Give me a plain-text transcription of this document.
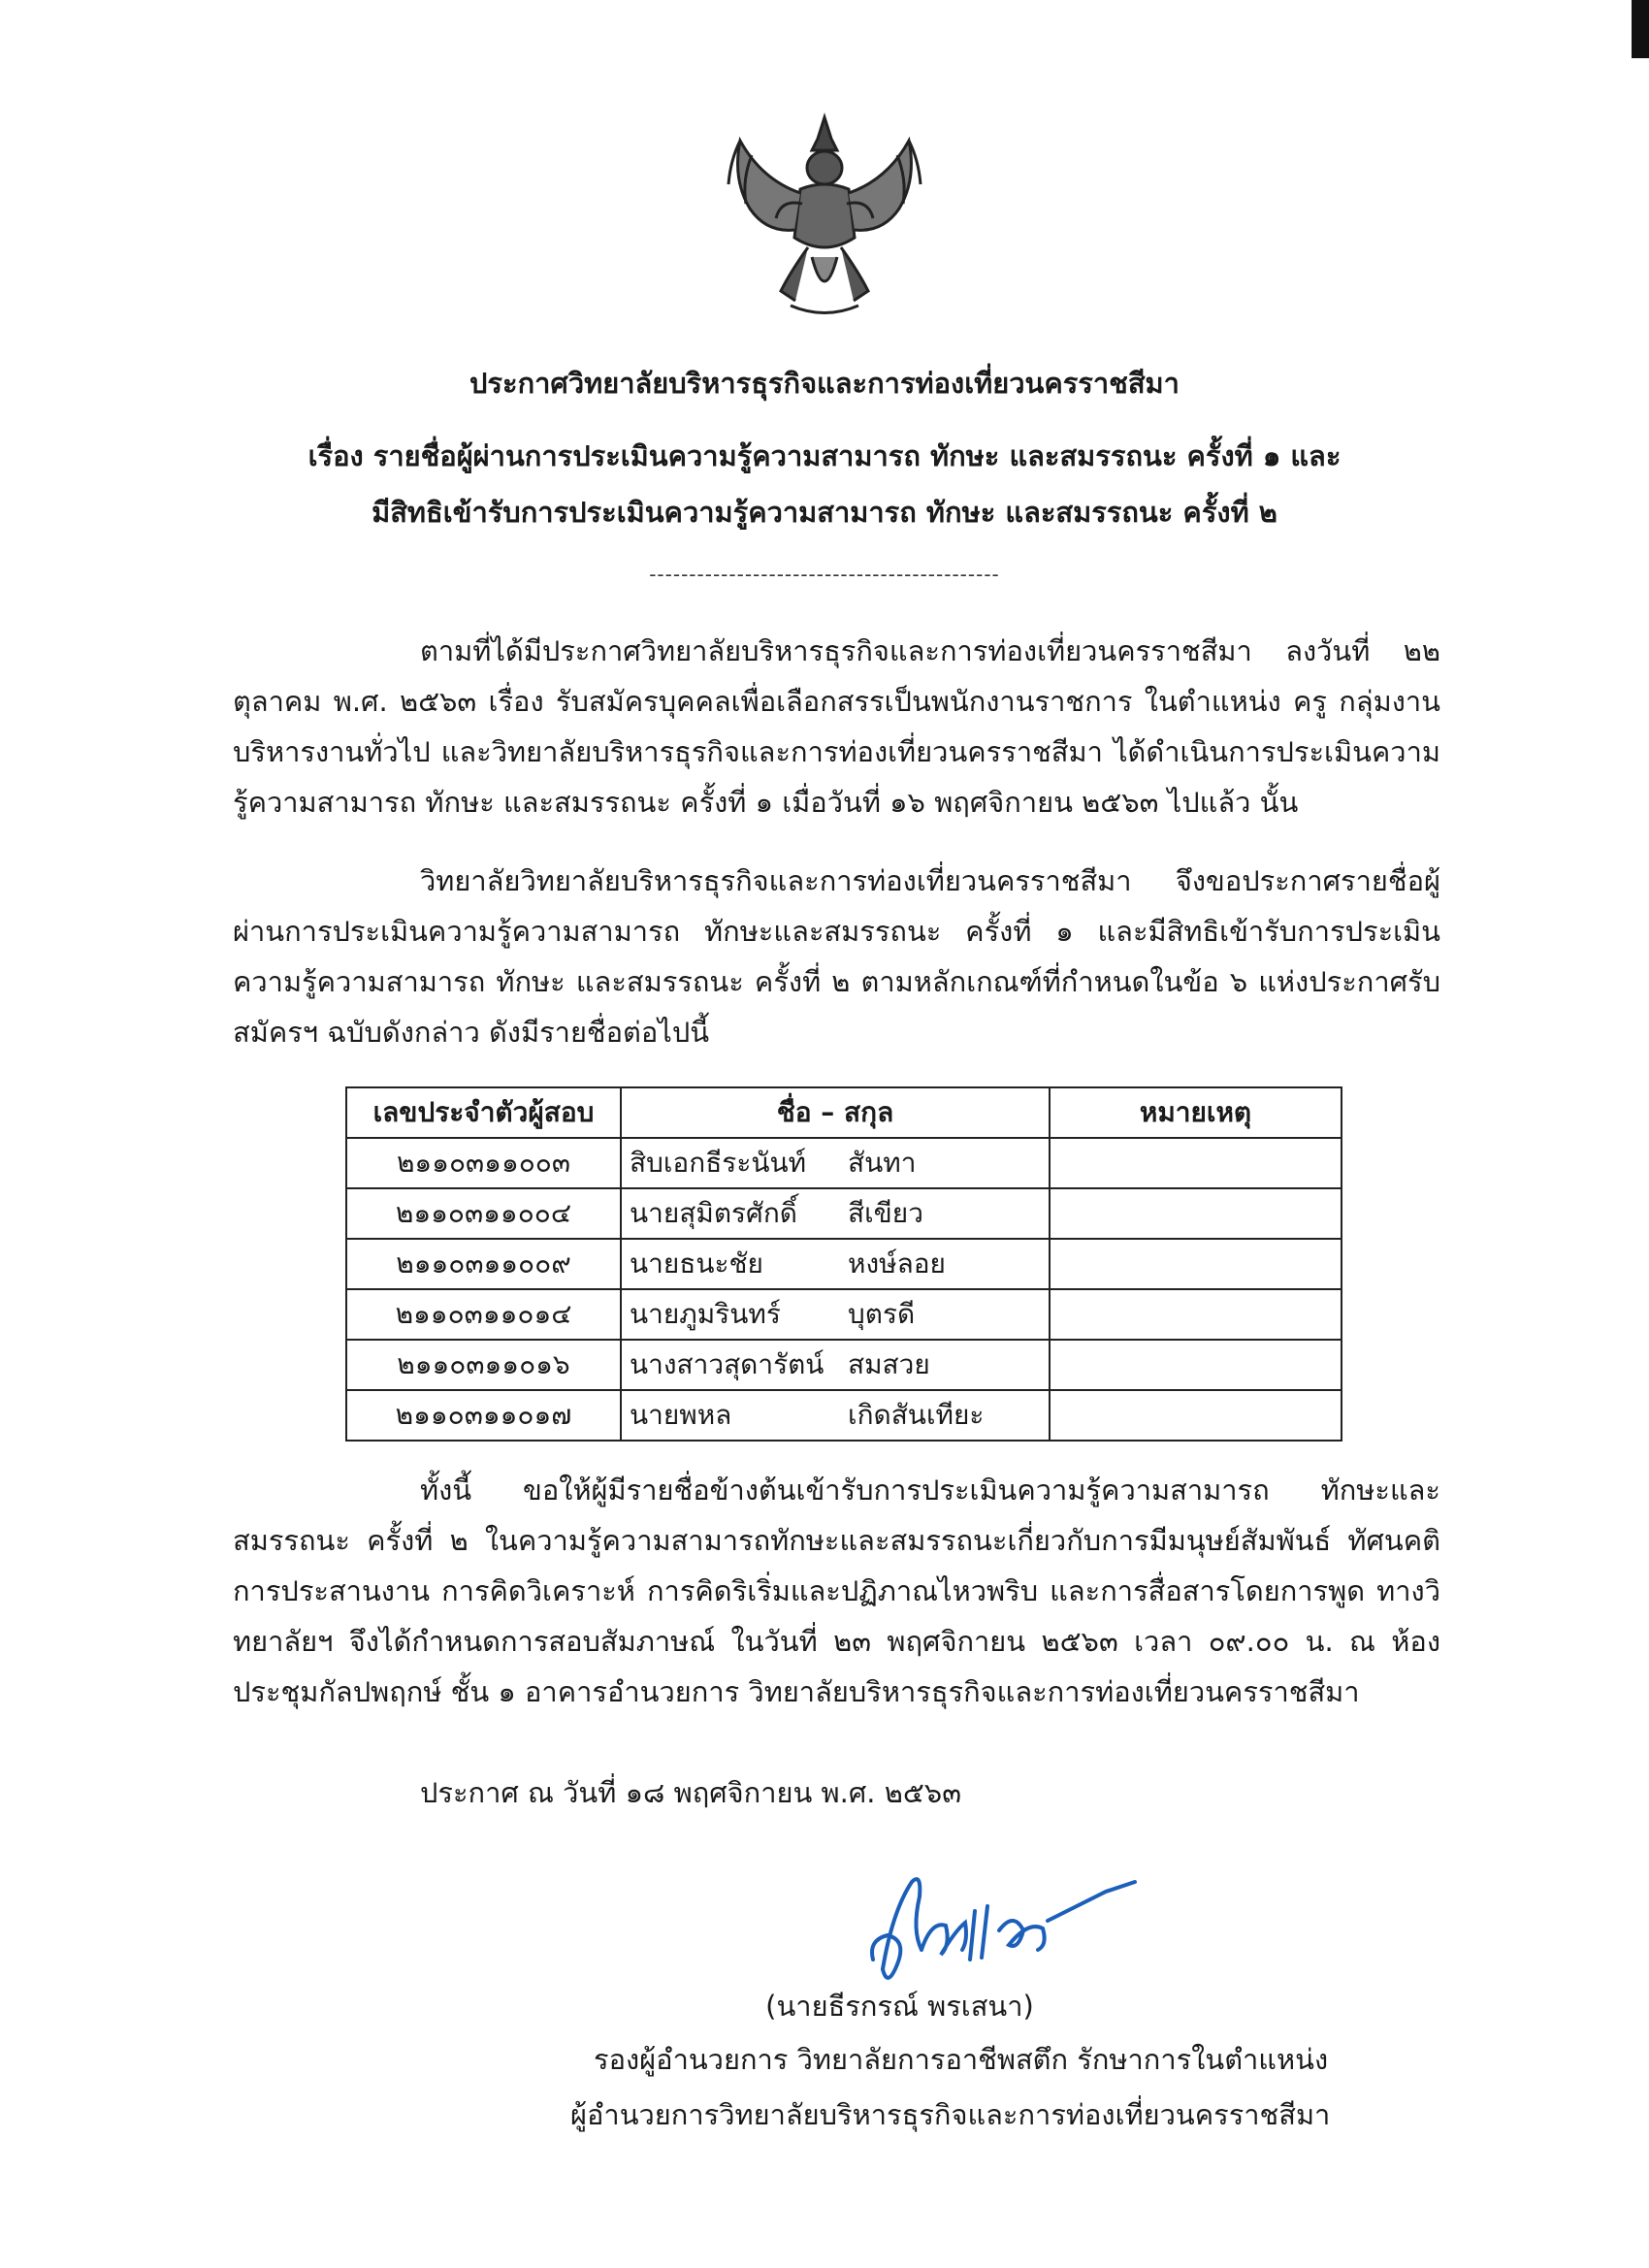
ประกาศวิทยาลัยบริหารธุรกิจและการท่องเที่ยวนครราชสีมา
เรื่อง รายชื่อผู้ผ่านการประเมินความรู้ความสามารถ ทักษะ และสมรรถนะ ครั้งที่ ๑ และ
มีสิทธิเข้ารับการประเมินความรู้ความสามารถ ทักษะ และสมรรถนะ ครั้งที่ ๒
--------------------------------------------

ตามที่ได้มีประกาศวิทยาลัยบริหารธุรกิจและการท่องเที่ยวนครราชสีมา ลงวันที่ ๒๒ ตุลาคม พ.ศ. ๒๕๖๓ เรื่อง รับสมัครบุคคลเพื่อเลือกสรรเป็นพนักงานราชการ ในตำแหน่ง ครู กลุ่มงานบริหารงานทั่วไป และวิทยาลัยบริหารธุรกิจและการท่องเที่ยวนครราชสีมา ได้ดำเนินการประเมินความรู้ความสามารถ ทักษะ และสมรรถนะ ครั้งที่ ๑ เมื่อวันที่ ๑๖ พฤศจิกายน ๒๕๖๓ ไปแล้ว นั้น

วิทยาลัยวิทยาลัยบริหารธุรกิจและการท่องเที่ยวนครราชสีมา จึงขอประกาศรายชื่อผู้ผ่านการประเมินความรู้ความสามารถ ทักษะและสมรรถนะ ครั้งที่ ๑ และมีสิทธิเข้ารับการประเมินความรู้ความสามารถ ทักษะ และสมรรถนะ ครั้งที่ ๒ ตามหลักเกณฑ์ที่กำหนดในข้อ ๖ แห่งประกาศรับสมัครฯ ฉบับดังกล่าว ดังมีรายชื่อต่อไปนี้

เลขประจำตัวผู้สอบ	ชื่อ – สกุล	หมายเหตุ
๒๑๑๐๓๑๑๐๐๓	สิบเอกธีระนันท์ สันทา	
๒๑๑๐๓๑๑๐๐๔	นายสุมิตรศักดิ์ สีเขียว	
๒๑๑๐๓๑๑๐๐๙	นายธนะชัย หงษ์ลอย	
๒๑๑๐๓๑๑๐๑๔	นายภูมรินทร์ บุตรดี	
๒๑๑๐๓๑๑๐๑๖	นางสาวสุดารัตน์ สมสวย	
๒๑๑๐๓๑๑๐๑๗	นายพหล เกิดสันเทียะ	

ทั้งนี้ ขอให้ผู้มีรายชื่อข้างต้นเข้ารับการประเมินความรู้ความสามารถ ทักษะและสมรรถนะ ครั้งที่ ๒ ในความรู้ความสามารถทักษะและสมรรถนะเกี่ยวกับการมีมนุษย์สัมพันธ์ ทัศนคติ การประสานงาน การคิดวิเคราะห์ การคิดริเริ่มและปฏิภาณไหวพริบ และการสื่อสารโดยการพูด ทางวิทยาลัยฯ จึงได้กำหนดการสอบสัมภาษณ์ ในวันที่ ๒๓ พฤศจิกายน ๒๕๖๓ เวลา ๐๙.๐๐ น. ณ ห้องประชุมกัลปพฤกษ์ ชั้น ๑ อาคารอำนวยการ วิทยาลัยบริหารธุรกิจและการท่องเที่ยวนครราชสีมา

ประกาศ ณ วันที่ ๑๘ พฤศจิกายน พ.ศ. ๒๕๖๓
(นายธีรกรณ์ พรเสนา)
รองผู้อำนวยการ วิทยาลัยการอาชีพสตึก รักษาการในตำแหน่ง
ผู้อำนวยการวิทยาลัยบริหารธุรกิจและการท่องเที่ยวนครราชสีมา
